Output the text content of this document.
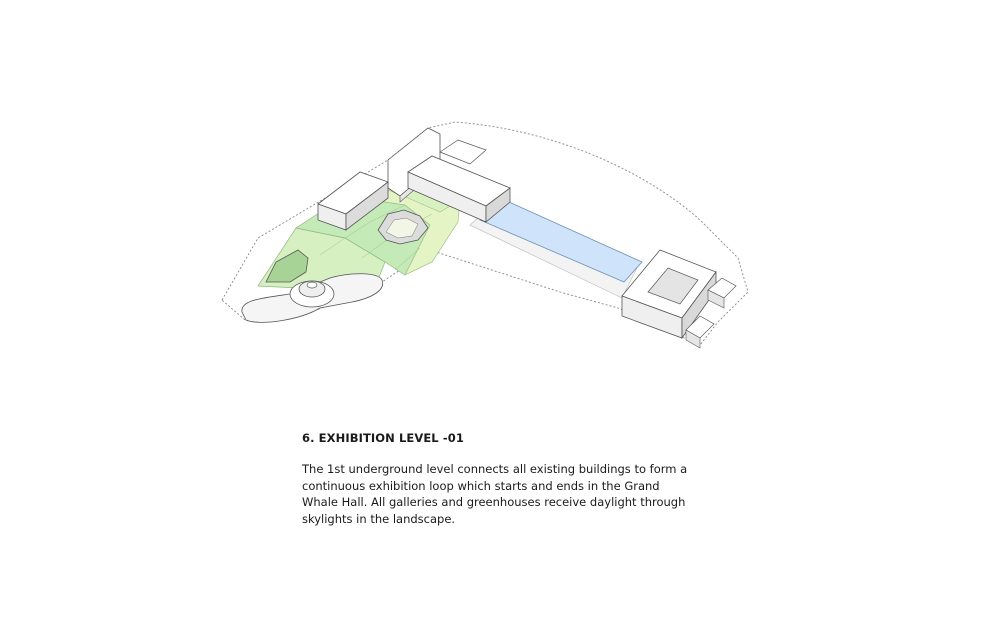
6. EXHIBITION LEVEL -01

The 1st underground level connects all existing buildings to form a continuous exhibition loop which starts and ends in the Grand Whale Hall. All galleries and greenhouses receive daylight through skylights in the landscape.
